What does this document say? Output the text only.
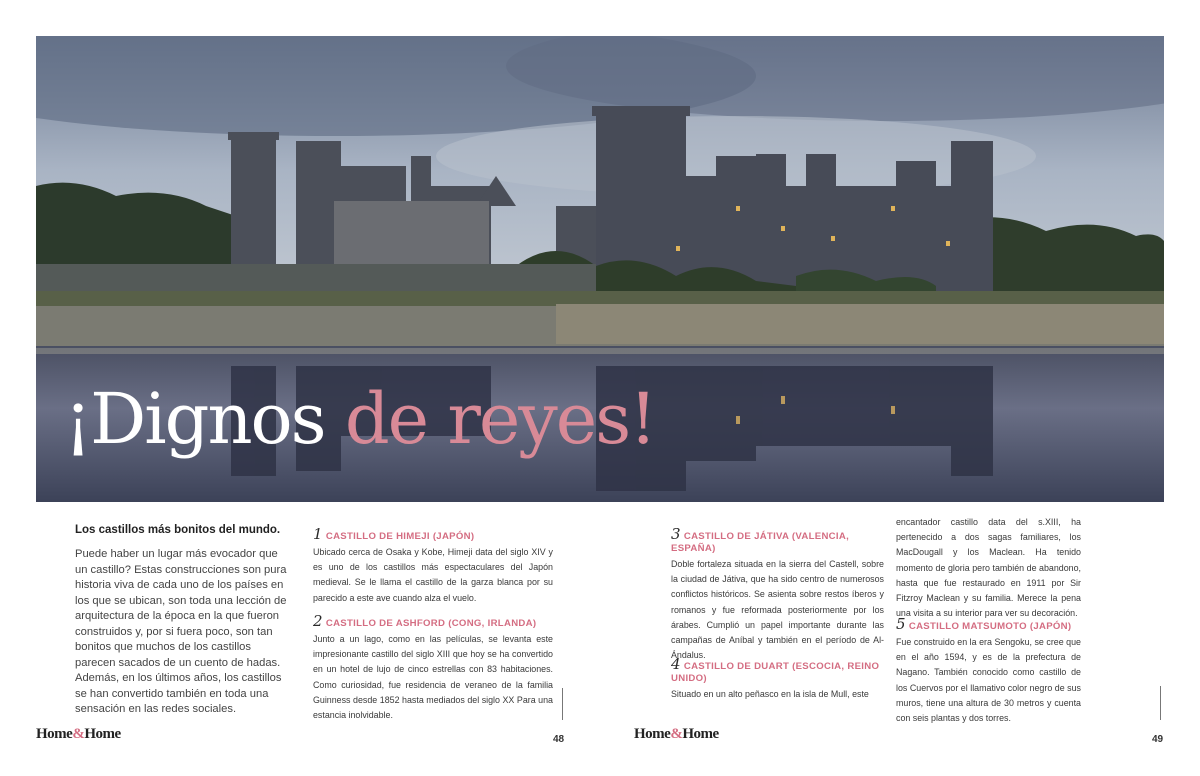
¡Dignos de reyes!

Los castillos más bonitos del mundo.

Puede haber un lugar más evocador que un castillo? Estas construcciones son pura historia viva de cada uno de los países en los que se ubican, son toda una lección de arquitectura de la época en la que fueron construidos y, por si fuera poco, son tan bonitos que muchos de los castillos parecen sacados de un cuento de hadas. Además, en los últimos años, los castillos se han convertido también en toda una sensación en las redes sociales.

1 CASTILLO DE HIMEJI (JAPÓN)

Ubicado cerca de Osaka y Kobe, Himeji data del siglo XIV y es uno de los castillos más espectaculares del Japón medieval. Se le llama el castillo de la garza blanca por su parecido a este ave cuando alza el vuelo.

2 CASTILLO DE ASHFORD (CONG, IRLANDA)

Junto a un lago, como en las películas, se levanta este impresionante castillo del siglo XIII que hoy se ha convertido en un hotel de lujo de cinco estrellas con 83 habitaciones. Como curiosidad, fue residencia de veraneo de la familia Guinness desde 1852 hasta mediados del siglo XX Para una estancia inolvidable.

3 CASTILLO DE JÁTIVA (VALENCIA, ESPAÑA)

Doble fortaleza situada en la sierra del Castell, sobre la ciudad de Játiva, que ha sido centro de numerosos conflictos históricos. Se asienta sobre restos íberos y romanos y fue reformada posteriormente por los árabes. Cumplió un papel importante durante las campañas de Aníbal y también en el período de Al-Ándalus.

4 CASTILLO DE DUART (ESCOCIA, REINO UNIDO)

Situado en un alto peñasco en la isla de Mull, este

encantador castillo data del s.XIII, ha pertenecido a dos sagas familiares, los MacDougall y los Maclean. Ha tenido momento de gloria pero también de abandono, hasta que fue restaurado en 1911 por Sir Fitzroy Maclean y su familia. Merece la pena una visita a su interior para ver su decoración.

5 CASTILLO MATSUMOTO (JAPÓN)

Fue construido en la era Sengoku, se cree que en el año 1594, y es de la prefectura de Nagano. También conocido como castillo de los Cuervos por el llamativo color negro de sus muros, tiene una altura de 30 metros y cuenta con seis plantas y dos torres.

Home&Home	48	Home&Home	49
